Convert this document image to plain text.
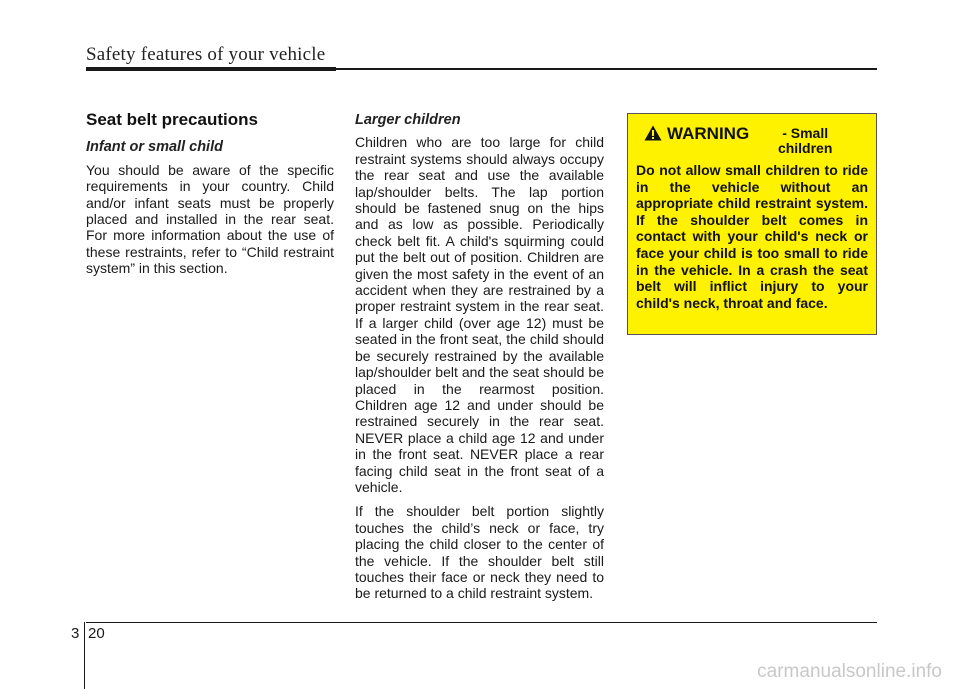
Safety features of your vehicle
Seat belt precautions
Infant or small child

You should be aware of the specific requirements in your country. Child and/or infant seats must be properly placed and installed in the rear seat. For more information about the use of these restraints, refer to “Child restraint system” in this section.

Larger children

Children who are too large for child restraint systems should always occupy the rear seat and use the available lap/shoulder belts. The lap portion should be fastened snug on the hips and as low as possible. Periodically check belt fit. A child's squirming could put the belt out of position. Children are given the most safety in the event of an accident when they are restrained by a proper restraint system in the rear seat. If a larger child (over age 12) must be seated in the front seat, the child should be securely restrained by the available lap/shoulder belt and the seat should be placed in the rearmost position. Children age 12 and under should be restrained securely in the rear seat. NEVER place a child age 12 and under in the front seat. NEVER place a rear facing child seat in the front seat of a vehicle.

If the shoulder belt portion slightly touches the child’s neck or face, try placing the child closer to the center of the vehicle. If the shoulder belt still touches their face or neck they need to be returned to a child restraint system.

WARNING	- Small children
Do not allow small children to ride in the vehicle without an appropriate child restraint system. If the shoulder belt comes in contact with your child's neck or face your child is too small to ride in the vehicle. In a crash the seat belt will inflict injury to your child's neck, throat and face.
3 20
carmanualsonline.info
